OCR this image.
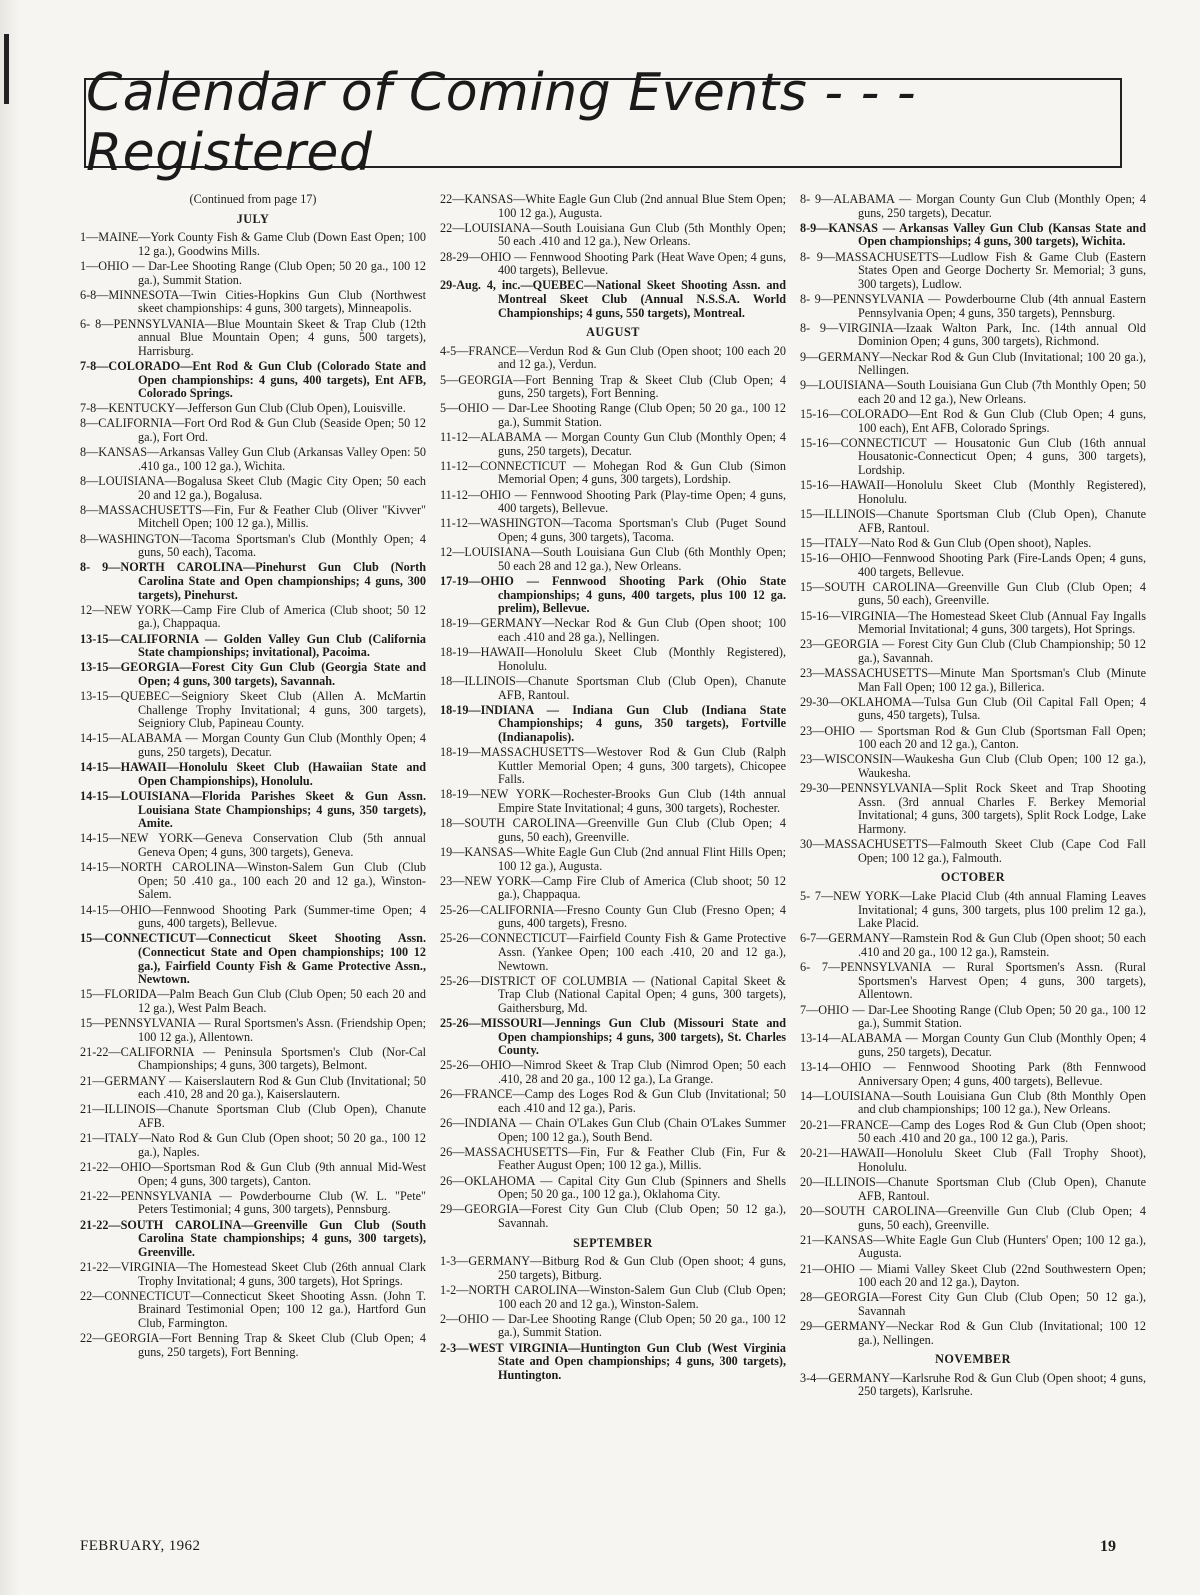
Calendar of Coming Events - - - Registered
(Continued from page 17)
JULY
1—MAINE—York County Fish & Game Club (Down East Open; 100 12 ga.), Goodwins Mills.
1—OHIO — Dar-Lee Shooting Range (Club Open; 50 20 ga., 100 12 ga.), Summit Station.
6-8—MINNESOTA—Twin Cities-Hopkins Gun Club (Northwest skeet championships: 4 guns, 300 targets), Minneapolis.
6- 8—PENNSYLVANIA—Blue Mountain Skeet & Trap Club (12th annual Blue Mountain Open; 4 guns, 500 targets), Harrisburg.
7-8—COLORADO—Ent Rod & Gun Club (Colorado State and Open championships: 4 guns, 400 targets), Ent AFB, Colorado Springs.
7-8—KENTUCKY—Jefferson Gun Club (Club Open), Louisville.
8—CALIFORNIA—Fort Ord Rod & Gun Club (Seaside Open; 50 12 ga.), Fort Ord.
8—KANSAS—Arkansas Valley Gun Club (Arkansas Valley Open: 50 .410 ga., 100 12 ga.), Wichita.
8—LOUISIANA—Bogalusa Skeet Club (Magic City Open; 50 each 20 and 12 ga.), Bogalusa.
8—MASSACHUSETTS—Fin, Fur & Feather Club (Oliver "Kivver" Mitchell Open; 100 12 ga.), Millis.
8—WASHINGTON—Tacoma Sportsman's Club (Monthly Open; 4 guns, 50 each), Tacoma.
8- 9—NORTH CAROLINA—Pinehurst Gun Club (North Carolina State and Open championships; 4 guns, 300 targets), Pinehurst.
12—NEW YORK—Camp Fire Club of America (Club shoot; 50 12 ga.), Chappaqua.
13-15—CALIFORNIA — Golden Valley Gun Club (California State championships; invitational), Pacoima.
13-15—GEORGIA—Forest City Gun Club (Georgia State and Open; 4 guns, 300 targets), Savannah.
13-15—QUEBEC—Seigniory Skeet Club (Allen A. McMartin Challenge Trophy Invitational; 4 guns, 300 targets), Seigniory Club, Papineau County.
14-15—ALABAMA — Morgan County Gun Club (Monthly Open; 4 guns, 250 targets), Decatur.
14-15—HAWAII—Honolulu Skeet Club (Hawaiian State and Open Championships), Honolulu.
14-15—LOUISIANA—Florida Parishes Skeet & Gun Assn. Louisiana State Championships; 4 guns, 350 targets), Amite.
14-15—NEW YORK—Geneva Conservation Club (5th annual Geneva Open; 4 guns, 300 targets), Geneva.
14-15—NORTH CAROLINA—Winston-Salem Gun Club (Club Open; 50 .410 ga., 100 each 20 and 12 ga.), Winston-Salem.
14-15—OHIO—Fennwood Shooting Park (Summer-time Open; 4 guns, 400 targets), Bellevue.
15—CONNECTICUT—Connecticut Skeet Shooting Assn. (Connecticut State and Open championships; 100 12 ga.), Fairfield County Fish & Game Protective Assn., Newtown.
15—FLORIDA—Palm Beach Gun Club (Club Open; 50 each 20 and 12 ga.), West Palm Beach.
15—PENNSYLVANIA — Rural Sportsmen's Assn. (Friendship Open; 100 12 ga.), Allentown.
21-22—CALIFORNIA — Peninsula Sportsmen's Club (Nor-Cal Championships; 4 guns, 300 targets), Belmont.
21—GERMANY — Kaiserslautern Rod & Gun Club (Invitational; 50 each .410, 28 and 20 ga.), Kaiserslautern.
21—ILLINOIS—Chanute Sportsman Club (Club Open), Chanute AFB.
21—ITALY—Nato Rod & Gun Club (Open shoot; 50 20 ga., 100 12 ga.), Naples.
21-22—OHIO—Sportsman Rod & Gun Club (9th annual Mid-West Open; 4 guns, 300 targets), Canton.
21-22—PENNSYLVANIA — Powderbourne Club (W. L. "Pete" Peters Testimonial; 4 guns, 300 targets), Pennsburg.
21-22—SOUTH CAROLINA—Greenville Gun Club (South Carolina State championships; 4 guns, 300 targets), Greenville.
21-22—VIRGINIA—The Homestead Skeet Club (26th annual Clark Trophy Invitational; 4 guns, 300 targets), Hot Springs.
22—CONNECTICUT—Connecticut Skeet Shooting Assn. (John T. Brainard Testimonial Open; 100 12 ga.), Hartford Gun Club, Farmington.
22—GEORGIA—Fort Benning Trap & Skeet Club (Club Open; 4 guns, 250 targets), Fort Benning.
22—KANSAS—White Eagle Gun Club (2nd annual Blue Stem Open; 100 12 ga.), Augusta.
22—LOUISIANA—South Louisiana Gun Club (5th Monthly Open; 50 each .410 and 12 ga.), New Orleans.
28-29—OHIO — Fennwood Shooting Park (Heat Wave Open; 4 guns, 400 targets), Bellevue.
29-Aug. 4, inc.—QUEBEC—National Skeet Shooting Assn. and Montreal Skeet Club (Annual N.S.S.A. World Championships; 4 guns, 550 targets), Montreal.
AUGUST
4-5—FRANCE—Verdun Rod & Gun Club (Open shoot; 100 each 20 and 12 ga.), Verdun.
5—GEORGIA—Fort Benning Trap & Skeet Club (Club Open; 4 guns, 250 targets), Fort Benning.
5—OHIO — Dar-Lee Shooting Range (Club Open; 50 20 ga., 100 12 ga.), Summit Station.
11-12—ALABAMA — Morgan County Gun Club (Monthly Open; 4 guns, 250 targets), Decatur.
11-12—CONNECTICUT — Mohegan Rod & Gun Club (Simon Memorial Open; 4 guns, 300 targets), Lordship.
11-12—OHIO — Fennwood Shooting Park (Play-time Open; 4 guns, 400 targets), Bellevue.
11-12—WASHINGTON—Tacoma Sportsman's Club (Puget Sound Open; 4 guns, 300 targets), Tacoma.
12—LOUISIANA—South Louisiana Gun Club (6th Monthly Open; 50 each 28 and 12 ga.), New Orleans.
17-19—OHIO — Fennwood Shooting Park (Ohio State championships; 4 guns, 400 targets, plus 100 12 ga. prelim), Bellevue.
18-19—GERMANY—Neckar Rod & Gun Club (Open shoot; 100 each .410 and 28 ga.), Nellingen.
18-19—HAWAII—Honolulu Skeet Club (Monthly Registered), Honolulu.
18—ILLINOIS—Chanute Sportsman Club (Club Open), Chanute AFB, Rantoul.
18-19—INDIANA — Indiana Gun Club (Indiana State Championships; 4 guns, 350 targets), Fortville (Indianapolis).
18-19—MASSACHUSETTS—Westover Rod & Gun Club (Ralph Kuttler Memorial Open; 4 guns, 300 targets), Chicopee Falls.
18-19—NEW YORK—Rochester-Brooks Gun Club (14th annual Empire State Invitational; 4 guns, 300 targets), Rochester.
18—SOUTH CAROLINA—Greenville Gun Club (Club Open; 4 guns, 50 each), Greenville.
19—KANSAS—White Eagle Gun Club (2nd annual Flint Hills Open; 100 12 ga.), Augusta.
23—NEW YORK—Camp Fire Club of America (Club shoot; 50 12 ga.), Chappaqua.
25-26—CALIFORNIA—Fresno County Gun Club (Fresno Open; 4 guns, 400 targets), Fresno.
25-26—CONNECTICUT—Fairfield County Fish & Game Protective Assn. (Yankee Open; 100 each .410, 20 and 12 ga.), Newtown.
25-26—DISTRICT OF COLUMBIA — (National Capital Skeet & Trap Club (National Capital Open; 4 guns, 300 targets), Gaithersburg, Md.
25-26—MISSOURI—Jennings Gun Club (Missouri State and Open championships; 4 guns, 300 targets), St. Charles County.
25-26—OHIO—Nimrod Skeet & Trap Club (Nimrod Open; 50 each .410, 28 and 20 ga., 100 12 ga.), La Grange.
26—FRANCE—Camp des Loges Rod & Gun Club (Invitational; 50 each .410 and 12 ga.), Paris.
26—INDIANA — Chain O'Lakes Gun Club (Chain O'Lakes Summer Open; 100 12 ga.), South Bend.
26—MASSACHUSETTS—Fin, Fur & Feather Club (Fin, Fur & Feather August Open; 100 12 ga.), Millis.
26—OKLAHOMA — Capital City Gun Club (Spinners and Shells Open; 50 20 ga., 100 12 ga.), Oklahoma City.
29—GEORGIA—Forest City Gun Club (Club Open; 50 12 ga.), Savannah.
SEPTEMBER
1-3—GERMANY—Bitburg Rod & Gun Club (Open shoot; 4 guns, 250 targets), Bitburg.
1-2—NORTH CAROLINA—Winston-Salem Gun Club (Club Open; 100 each 20 and 12 ga.), Winston-Salem.
2—OHIO — Dar-Lee Shooting Range (Club Open; 50 20 ga., 100 12 ga.), Summit Station.
2-3—WEST VIRGINIA—Huntington Gun Club (West Virginia State and Open championships; 4 guns, 300 targets), Huntington.
8- 9—ALABAMA — Morgan County Gun Club (Monthly Open; 4 guns, 250 targets), Decatur.
8-9—KANSAS — Arkansas Valley Gun Club (Kansas State and Open championships; 4 guns, 300 targets), Wichita.
8- 9—MASSACHUSETTS—Ludlow Fish & Game Club (Eastern States Open and George Docherty Sr. Memorial; 3 guns, 300 targets), Ludlow.
8- 9—PENNSYLVANIA — Powderbourne Club (4th annual Eastern Pennsylvania Open; 4 guns, 350 targets), Pennsburg.
8- 9—VIRGINIA—Izaak Walton Park, Inc. (14th annual Old Dominion Open; 4 guns, 300 targets), Richmond.
9—GERMANY—Neckar Rod & Gun Club (Invitational; 100 20 ga.), Nellingen.
9—LOUISIANA—South Louisiana Gun Club (7th Monthly Open; 50 each 20 and 12 ga.), New Orleans.
15-16—COLORADO—Ent Rod & Gun Club (Club Open; 4 guns, 100 each), Ent AFB, Colorado Springs.
15-16—CONNECTICUT — Housatonic Gun Club (16th annual Housatonic-Connecticut Open; 4 guns, 300 targets), Lordship.
15-16—HAWAII—Honolulu Skeet Club (Monthly Registered), Honolulu.
15—ILLINOIS—Chanute Sportsman Club (Club Open), Chanute AFB, Rantoul.
15—ITALY—Nato Rod & Gun Club (Open shoot), Naples.
15-16—OHIO—Fennwood Shooting Park (Fire-Lands Open; 4 guns, 400 targets, Bellevue.
15—SOUTH CAROLINA—Greenville Gun Club (Club Open; 4 guns, 50 each), Greenville.
15-16—VIRGINIA—The Homestead Skeet Club (Annual Fay Ingalls Memorial Invitational; 4 guns, 300 targets), Hot Springs.
23—GEORGIA — Forest City Gun Club (Club Championship; 50 12 ga.), Savannah.
23—MASSACHUSETTS—Minute Man Sportsman's Club (Minute Man Fall Open; 100 12 ga.), Billerica.
29-30—OKLAHOMA—Tulsa Gun Club (Oil Capital Fall Open; 4 guns, 450 targets), Tulsa.
23—OHIO — Sportsman Rod & Gun Club (Sportsman Fall Open; 100 each 20 and 12 ga.), Canton.
23—WISCONSIN—Waukesha Gun Club (Club Open; 100 12 ga.), Waukesha.
29-30—PENNSYLVANIA—Split Rock Skeet and Trap Shooting Assn. (3rd annual Charles F. Berkey Memorial Invitational; 4 guns, 300 targets), Split Rock Lodge, Lake Harmony.
30—MASSACHUSETTS—Falmouth Skeet Club (Cape Cod Fall Open; 100 12 ga.), Falmouth.
OCTOBER
5- 7—NEW YORK—Lake Placid Club (4th annual Flaming Leaves Invitational; 4 guns, 300 targets, plus 100 prelim 12 ga.), Lake Placid.
6-7—GERMANY—Ramstein Rod & Gun Club (Open shoot; 50 each .410 and 20 ga., 100 12 ga.), Ramstein.
6- 7—PENNSYLVANIA — Rural Sportsmen's Assn. (Rural Sportsmen's Harvest Open; 4 guns, 300 targets), Allentown.
7—OHIO — Dar-Lee Shooting Range (Club Open; 50 20 ga., 100 12 ga.), Summit Station.
13-14—ALABAMA — Morgan County Gun Club (Monthly Open; 4 guns, 250 targets), Decatur.
13-14—OHIO — Fennwood Shooting Park (8th Fennwood Anniversary Open; 4 guns, 400 targets), Bellevue.
14—LOUISIANA—South Louisiana Gun Club (8th Monthly Open and club championships; 100 12 ga.), New Orleans.
20-21—FRANCE—Camp des Loges Rod & Gun Club (Open shoot; 50 each .410 and 20 ga., 100 12 ga.), Paris.
20-21—HAWAII—Honolulu Skeet Club (Fall Trophy Shoot), Honolulu.
20—ILLINOIS—Chanute Sportsman Club (Club Open), Chanute AFB, Rantoul.
20—SOUTH CAROLINA—Greenville Gun Club (Club Open; 4 guns, 50 each), Greenville.
21—KANSAS—White Eagle Gun Club (Hunters' Open; 100 12 ga.), Augusta.
21—OHIO — Miami Valley Skeet Club (22nd Southwestern Open; 100 each 20 and 12 ga.), Dayton.
28—GEORGIA—Forest City Gun Club (Club Open; 50 12 ga.), Savannah
29—GERMANY—Neckar Rod & Gun Club (Invitational; 100 12 ga.), Nellingen.
NOVEMBER
3-4—GERMANY—Karlsruhe Rod & Gun Club (Open shoot; 4 guns, 250 targets), Karlsruhe.
FEBRUARY, 1962	19
